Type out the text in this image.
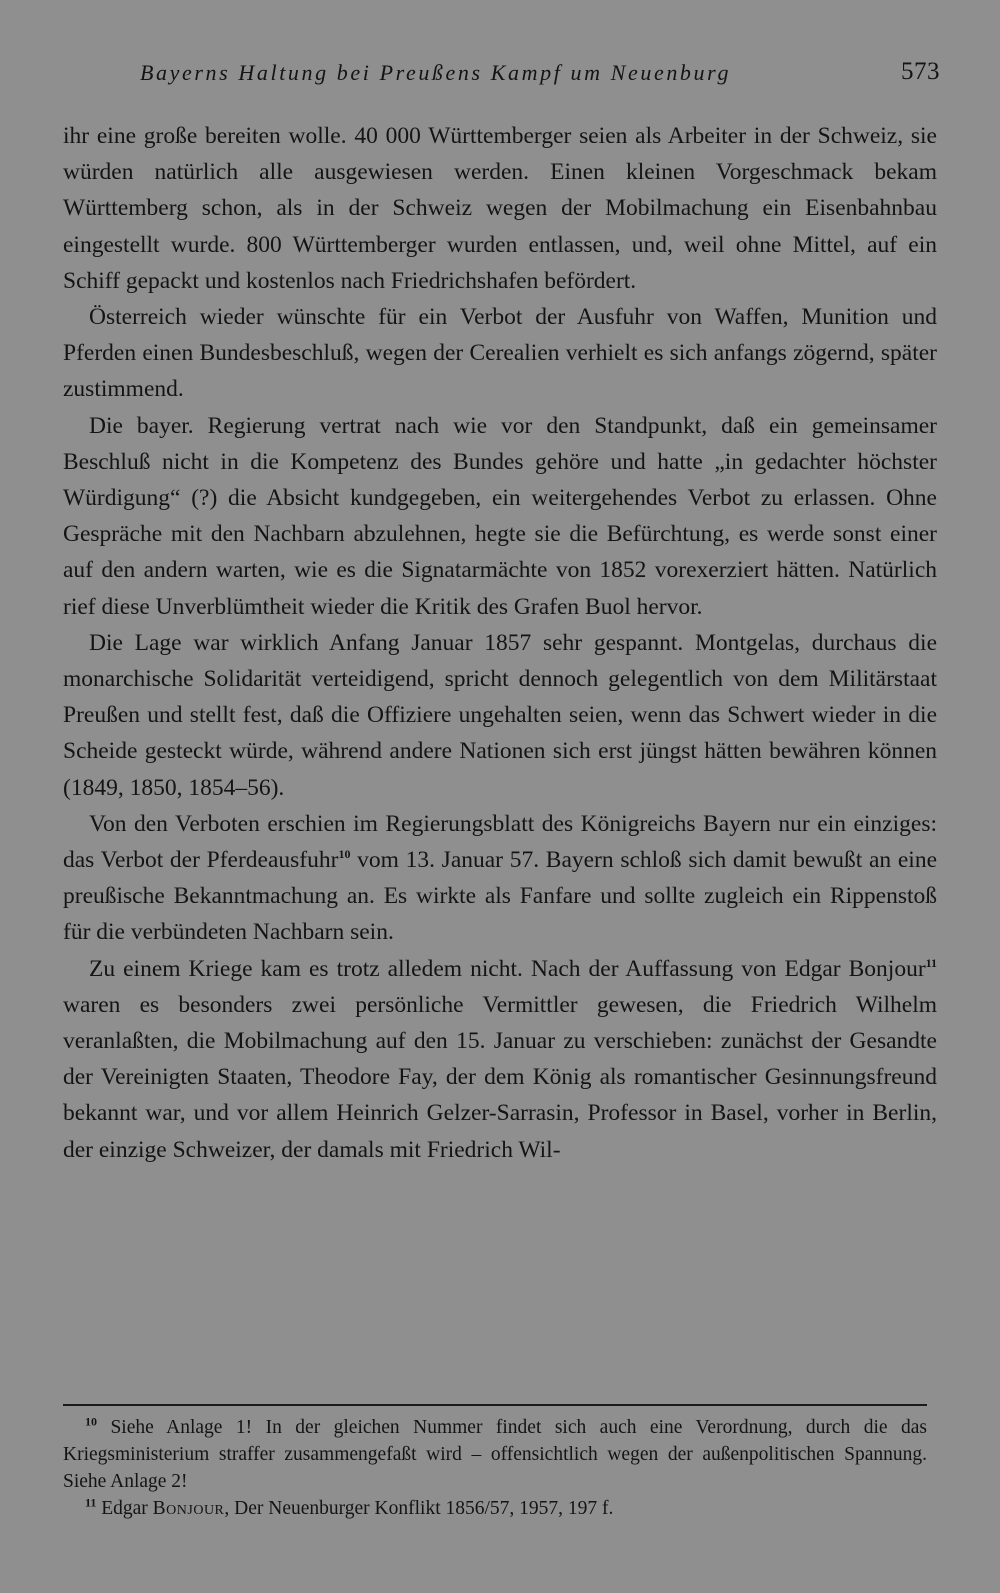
Bayerns Haltung bei Preußens Kampf um Neuenburg	573

ihr eine große bereiten wolle. 40 000 Württemberger seien als Arbeiter in der Schweiz, sie würden natürlich alle ausgewiesen werden. Einen kleinen Vorgeschmack bekam Württemberg schon, als in der Schweiz wegen der Mobilmachung ein Eisenbahnbau eingestellt wurde. 800 Württemberger wurden entlassen, und, weil ohne Mittel, auf ein Schiff gepackt und kostenlos nach Friedrichshafen befördert.

Österreich wieder wünschte für ein Verbot der Ausfuhr von Waffen, Munition und Pferden einen Bundesbeschluß, wegen der Cerealien verhielt es sich anfangs zögernd, später zustimmend.

Die bayer. Regierung vertrat nach wie vor den Standpunkt, daß ein gemeinsamer Beschluß nicht in die Kompetenz des Bundes gehöre und hatte „in gedachter höchster Würdigung“ (?) die Absicht kundgegeben, ein weitergehendes Verbot zu erlassen. Ohne Gespräche mit den Nachbarn abzulehnen, hegte sie die Befürchtung, es werde sonst einer auf den andern warten, wie es die Signatarmächte von 1852 vorexerziert hätten. Natürlich rief diese Unverblümtheit wieder die Kritik des Grafen Buol hervor.

Die Lage war wirklich Anfang Januar 1857 sehr gespannt. Montgelas, durchaus die monarchische Solidarität verteidigend, spricht dennoch gelegentlich von dem Militärstaat Preußen und stellt fest, daß die Offiziere ungehalten seien, wenn das Schwert wieder in die Scheide gesteckt würde, während andere Nationen sich erst jüngst hätten bewähren können (1849, 1850, 1854–56).

Von den Verboten erschien im Regierungsblatt des Königreichs Bayern nur ein einziges: das Verbot der Pferdeausfuhr$^{10}$ vom 13. Januar 57. Bayern schloß sich damit bewußt an eine preußische Bekanntmachung an. Es wirkte als Fanfare und sollte zugleich ein Rippenstoß für die verbündeten Nachbarn sein.

Zu einem Kriege kam es trotz alledem nicht. Nach der Auffassung von Edgar Bonjour$^{11}$ waren es besonders zwei persönliche Vermittler gewesen, die Friedrich Wilhelm veranlaßten, die Mobilmachung auf den 15. Januar zu verschieben: zunächst der Gesandte der Vereinigten Staaten, Theodore Fay, der dem König als romantischer Gesinnungsfreund bekannt war, und vor allem Heinrich Gelzer-Sarrasin, Professor in Basel, vorher in Berlin, der einzige Schweizer, der damals mit Friedrich Wil-

$^{10}$ Siehe Anlage 1! In der gleichen Nummer findet sich auch eine Verordnung, durch die das Kriegsministerium straffer zusammengefaßt wird – offensichtlich wegen der außenpolitischen Spannung. Siehe Anlage 2!

$^{11}$ Edgar Bonjour, Der Neuenburger Konflikt 1856/57, 1957, 197 f.
